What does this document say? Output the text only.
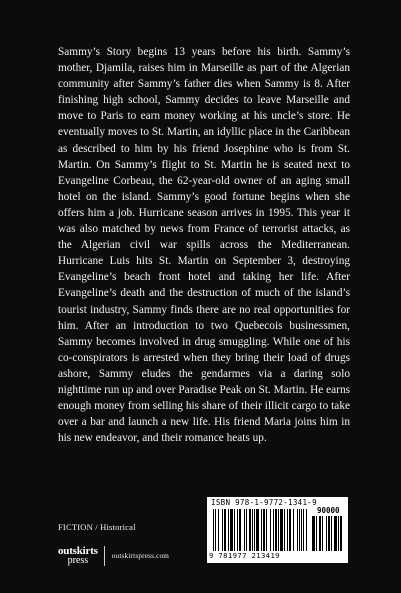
Sammy’s Story begins 13 years before his birth. Sammy’s mother, Djamila, raises him in Marseille as part of the Algerian community after Sammy’s father dies when Sammy is 8. After finishing high school, Sammy decides to leave Marseille and move to Paris to earn money working at his uncle’s store. He eventually moves to St. Martin, an idyllic place in the Caribbean as described to him by his friend Josephine who is from St. Martin. On Sammy’s flight to St. Martin he is seated next to Evangeline Corbeau, the 62-year-old owner of an aging small hotel on the island. Sammy’s good fortune begins when she offers him a job. Hurricane season arrives in 1995. This year it was also matched by news from France of terrorist attacks, as the Algerian civil war spills across the Mediterranean. Hurricane Luis hits St. Martin on September 3, destroying Evangeline’s beach front hotel and taking her life. After Evangeline’s death and the destruction of much of the island’s tourist industry, Sammy finds there are no real opportunities for him. After an introduction to two Quebecois businessmen, Sammy becomes involved in drug smuggling. While one of his co-conspirators is arrested when they bring their load of drugs ashore, Sammy eludes the gendarmes via a daring solo nighttime run up and over Paradise Peak on St. Martin. He earns enough money from selling his share of their illicit cargo to take over a bar and launch a new life. His friend Maria joins him in his new endeavor, and their romance heats up.

FICTION / Historical
outskirts
press	outskirtspress.com
ISBN 978-1-9772-1341-9
90000
9 781977 213419
